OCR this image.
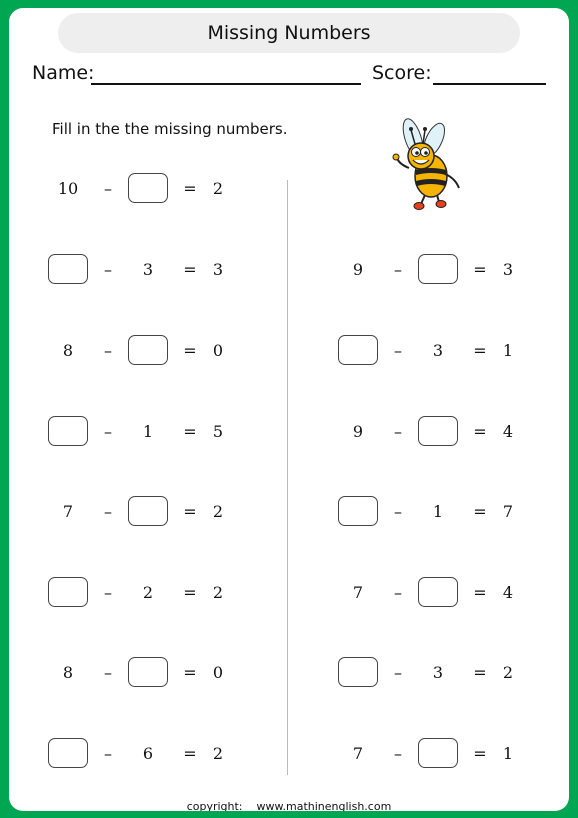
Missing Numbers
Name:	Score:
Fill in the the missing numbers.
10	–	=	2
–	3	=	3
8	–	=	0
–	1	=	5
7	–	=	2
–	2	=	2
8	–	=	0
–	6	=	2
9	–	=	3
–	3	=	1
9	–	=	4
–	1	=	7
7	–	=	4
–	3	=	2
7	–	=	1
copyright: www.mathinenglish.com
